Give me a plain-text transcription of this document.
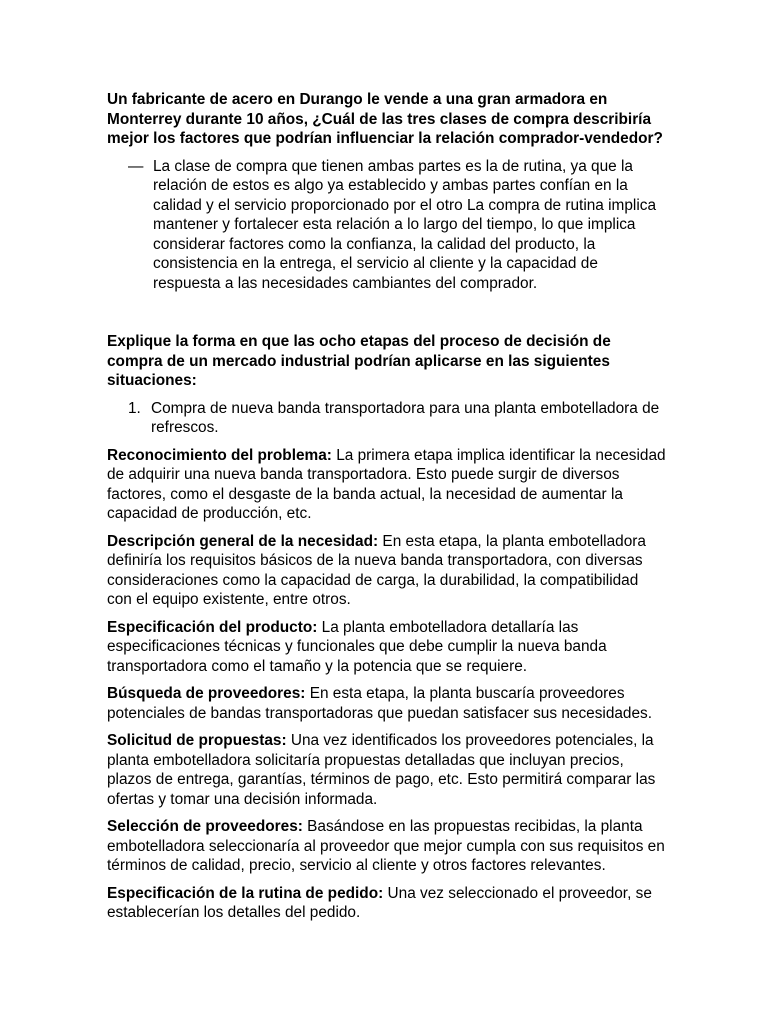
Un fabricante de acero en Durango le vende a una gran armadora en Monterrey durante 10 años, ¿Cuál de las tres clases de compra describiría mejor los factores que podrían influenciar la relación comprador-vendedor?

— La clase de compra que tienen ambas partes es la de rutina, ya que la relación de estos es algo ya establecido y ambas partes confían en la calidad y el servicio proporcionado por el otro La compra de rutina implica mantener y fortalecer esta relación a lo largo del tiempo, lo que implica considerar factores como la confianza, la calidad del producto, la consistencia en la entrega, el servicio al cliente y la capacidad de respuesta a las necesidades cambiantes del comprador.

Explique la forma en que las ocho etapas del proceso de decisión de compra de un mercado industrial podrían aplicarse en las siguientes situaciones:

1. Compra de nueva banda transportadora para una planta embotelladora de refrescos.

Reconocimiento del problema: La primera etapa implica identificar la necesidad de adquirir una nueva banda transportadora. Esto puede surgir de diversos factores, como el desgaste de la banda actual, la necesidad de aumentar la capacidad de producción, etc.

Descripción general de la necesidad: En esta etapa, la planta embotelladora definiría los requisitos básicos de la nueva banda transportadora, con diversas consideraciones como la capacidad de carga, la durabilidad, la compatibilidad con el equipo existente, entre otros.

Especificación del producto: La planta embotelladora detallaría las especificaciones técnicas y funcionales que debe cumplir la nueva banda transportadora como el tamaño y la potencia que se requiere.

Búsqueda de proveedores: En esta etapa, la planta buscaría proveedores potenciales de bandas transportadoras que puedan satisfacer sus necesidades.

Solicitud de propuestas: Una vez identificados los proveedores potenciales, la planta embotelladora solicitaría propuestas detalladas que incluyan precios, plazos de entrega, garantías, términos de pago, etc. Esto permitirá comparar las ofertas y tomar una decisión informada.

Selección de proveedores: Basándose en las propuestas recibidas, la planta embotelladora seleccionaría al proveedor que mejor cumpla con sus requisitos en términos de calidad, precio, servicio al cliente y otros factores relevantes.

Especificación de la rutina de pedido: Una vez seleccionado el proveedor, se establecerían los detalles del pedido.
